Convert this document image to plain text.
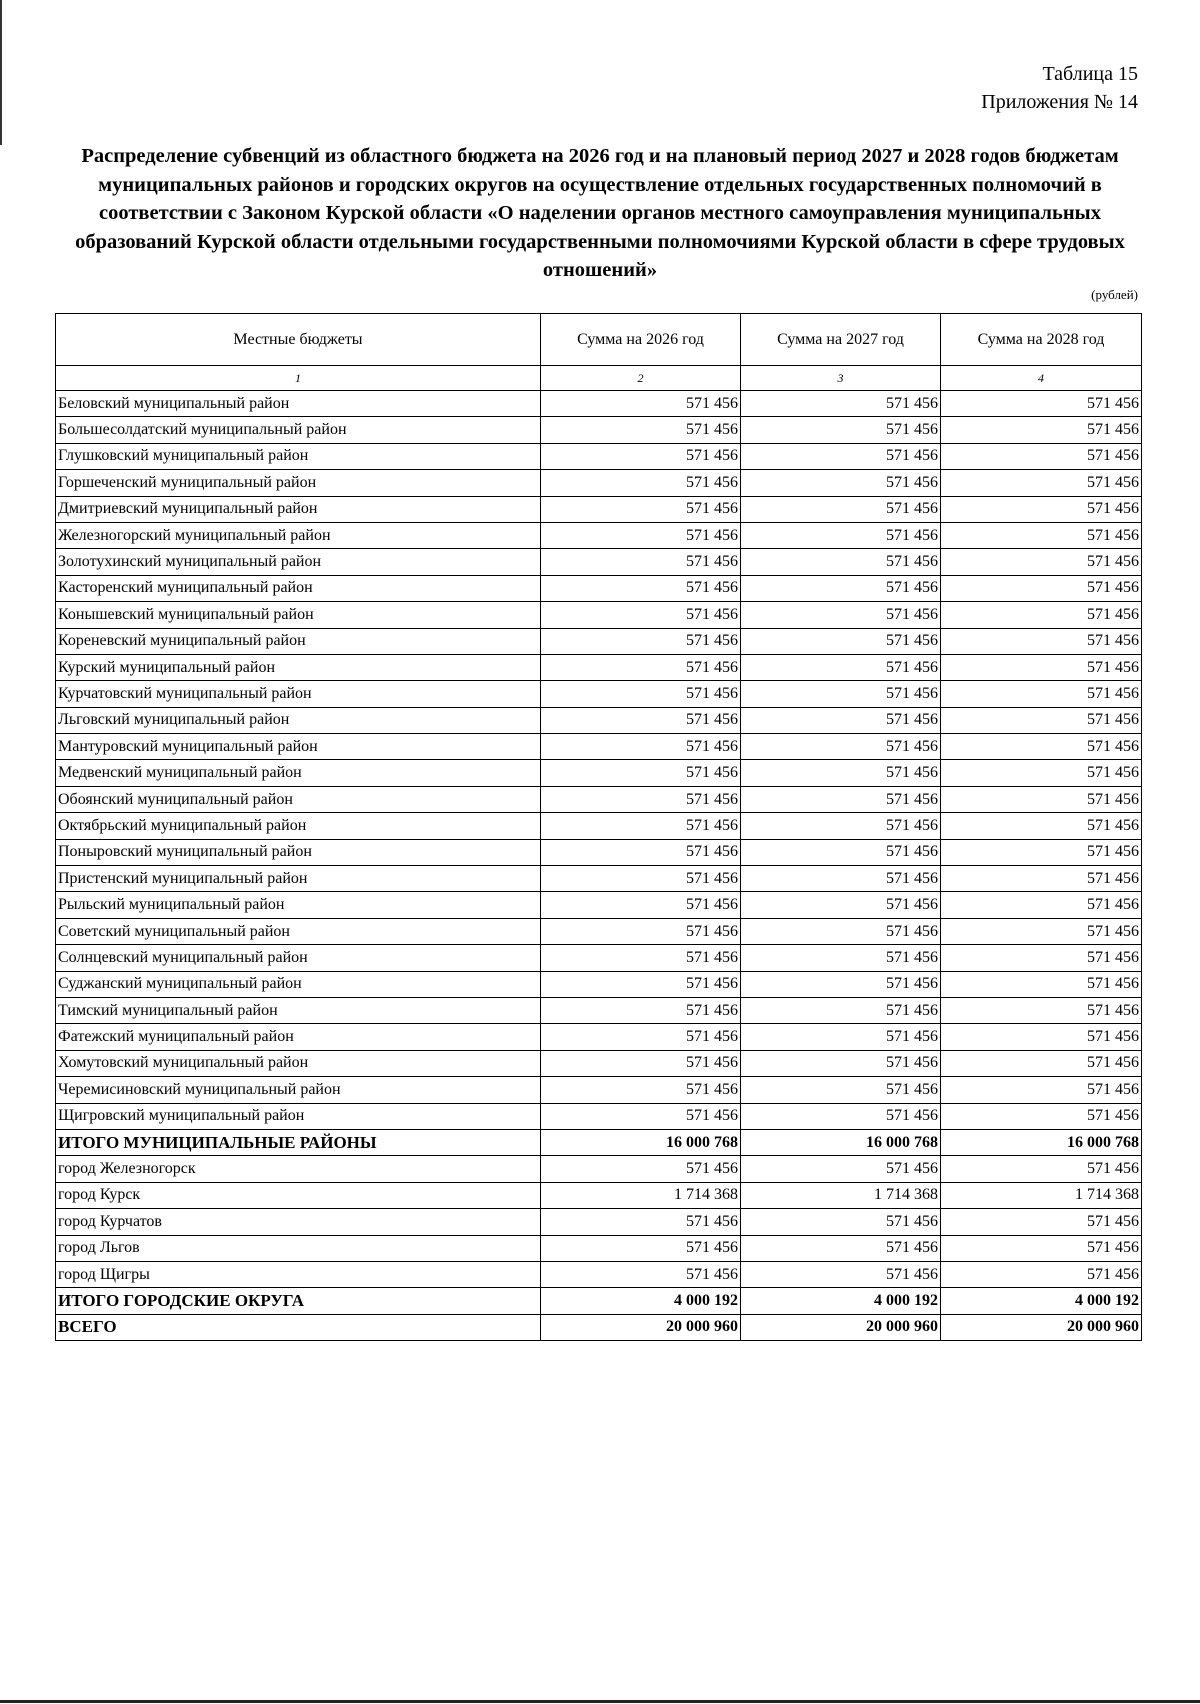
Таблица 15
Приложения № 14
Распределение субвенций из областного бюджета на 2026 год и на плановый период 2027 и 2028 годов бюджетам муниципальных районов и городских округов на осуществление отдельных государственных полномочий в соответствии с Законом Курской области «О наделении органов местного самоуправления муниципальных образований Курской области отдельными государственными полномочиями Курской области в сфере трудовых отношений»
(рублей)
Местные бюджеты	Сумма на 2026 год	Сумма на 2027 год	Сумма на 2028 год
1	2	3	4
Беловский муниципальный район	571 456	571 456	571 456
Большесолдатский муниципальный район	571 456	571 456	571 456
Глушковский муниципальный район	571 456	571 456	571 456
Горшеченский муниципальный район	571 456	571 456	571 456
Дмитриевский муниципальный район	571 456	571 456	571 456
Железногорский муниципальный район	571 456	571 456	571 456
Золотухинский муниципальный район	571 456	571 456	571 456
Касторенский муниципальный район	571 456	571 456	571 456
Конышевский муниципальный район	571 456	571 456	571 456
Кореневский муниципальный район	571 456	571 456	571 456
Курский муниципальный район	571 456	571 456	571 456
Курчатовский муниципальный район	571 456	571 456	571 456
Льговский муниципальный район	571 456	571 456	571 456
Мантуровский муниципальный район	571 456	571 456	571 456
Медвенский муниципальный район	571 456	571 456	571 456
Обоянский муниципальный район	571 456	571 456	571 456
Октябрьский муниципальный район	571 456	571 456	571 456
Поныровский муниципальный район	571 456	571 456	571 456
Пристенский муниципальный район	571 456	571 456	571 456
Рыльский муниципальный район	571 456	571 456	571 456
Советский муниципальный район	571 456	571 456	571 456
Солнцевский муниципальный район	571 456	571 456	571 456
Суджанский муниципальный район	571 456	571 456	571 456
Тимский муниципальный район	571 456	571 456	571 456
Фатежский муниципальный район	571 456	571 456	571 456
Хомутовский муниципальный район	571 456	571 456	571 456
Черемисиновский муниципальный район	571 456	571 456	571 456
Щигровский муниципальный район	571 456	571 456	571 456
ИТОГО МУНИЦИПАЛЬНЫЕ РАЙОНЫ	16 000 768	16 000 768	16 000 768
город Железногорск	571 456	571 456	571 456
город Курск	1 714 368	1 714 368	1 714 368
город Курчатов	571 456	571 456	571 456
город Льгов	571 456	571 456	571 456
город Щигры	571 456	571 456	571 456
ИТОГО ГОРОДСКИЕ ОКРУГА	4 000 192	4 000 192	4 000 192
ВСЕГО	20 000 960	20 000 960	20 000 960
